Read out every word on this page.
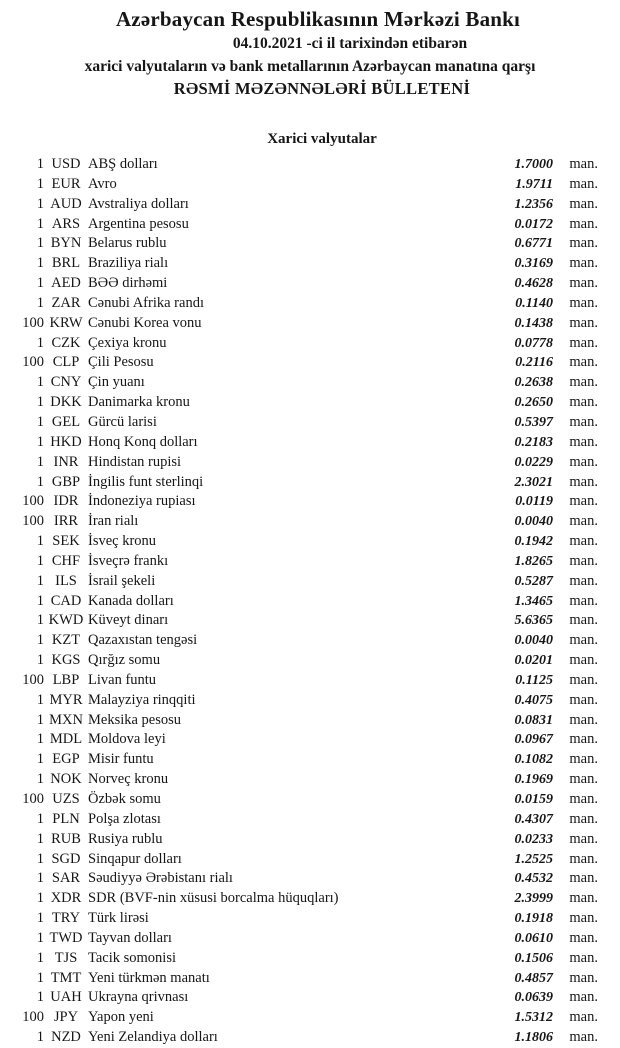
Azərbaycan Respublikasının Mərkəzi Bankı
04.10.2021 -ci il tarixindən etibarən
xarici valyutaların və bank metallarının Azərbaycan manatına qarşı
RƏSMİ MƏZƏNNƏLƏRİ BÜLLETENİ
Xarici valyutalar
1 USD ABŞ dolları	1.7000	man.
1 EUR Avro	1.9711	man.
1 AUD Avstraliya dolları	1.2356	man.
1 ARS Argentina pesosu	0.0172	man.
1 BYN Belarus rublu	0.6771	man.
1 BRL Braziliya rialı	0.3169	man.
1 AED BƏƏ dirhəmi	0.4628	man.
1 ZAR Cənubi Afrika randı	0.1140	man.
100 KRW Cənubi Korea vonu	0.1438	man.
1 CZK Çexiya kronu	0.0778	man.
100 CLP Çili Pesosu	0.2116	man.
1 CNY Çin yuanı	0.2638	man.
1 DKK Danimarka kronu	0.2650	man.
1 GEL Gürcü larisi	0.5397	man.
1 HKD Honq Konq dolları	0.2183	man.
1 INR Hindistan rupisi	0.0229	man.
1 GBP İngilis funt sterlinqi	2.3021	man.
100 IDR İndoneziya rupiası	0.0119	man.
100 IRR İran rialı	0.0040	man.
1 SEK İsveç kronu	0.1942	man.
1 CHF İsveçrə frankı	1.8265	man.
1 ILS İsrail şekeli	0.5287	man.
1 CAD Kanada dolları	1.3465	man.
1 KWD Küveyt dinarı	5.6365	man.
1 KZT Qazaxıstan tengəsi	0.0040	man.
1 KGS Qırğız somu	0.0201	man.
100 LBP Livan funtu	0.1125	man.
1 MYR Malayziya rinqqiti	0.4075	man.
1 MXN Meksika pesosu	0.0831	man.
1 MDL Moldova leyi	0.0967	man.
1 EGP Misir funtu	0.1082	man.
1 NOK Norveç kronu	0.1969	man.
100 UZS Özbək somu	0.0159	man.
1 PLN Polşa zlotası	0.4307	man.
1 RUB Rusiya rublu	0.0233	man.
1 SGD Sinqapur dolları	1.2525	man.
1 SAR Səudiyyə Ərəbistanı rialı	0.4532	man.
1 XDR SDR (BVF-nin xüsusi borcalma hüquqları)	2.3999	man.
1 TRY Türk lirəsi	0.1918	man.
1 TWD Tayvan dolları	0.0610	man.
1 TJS Tacik somonisi	0.1506	man.
1 TMT Yeni türkmən manatı	0.4857	man.
1 UAH Ukrayna qrivnası	0.0639	man.
100 JPY Yapon yeni	1.5312	man.
1 NZD Yeni Zelandiya dolları	1.1806	man.
